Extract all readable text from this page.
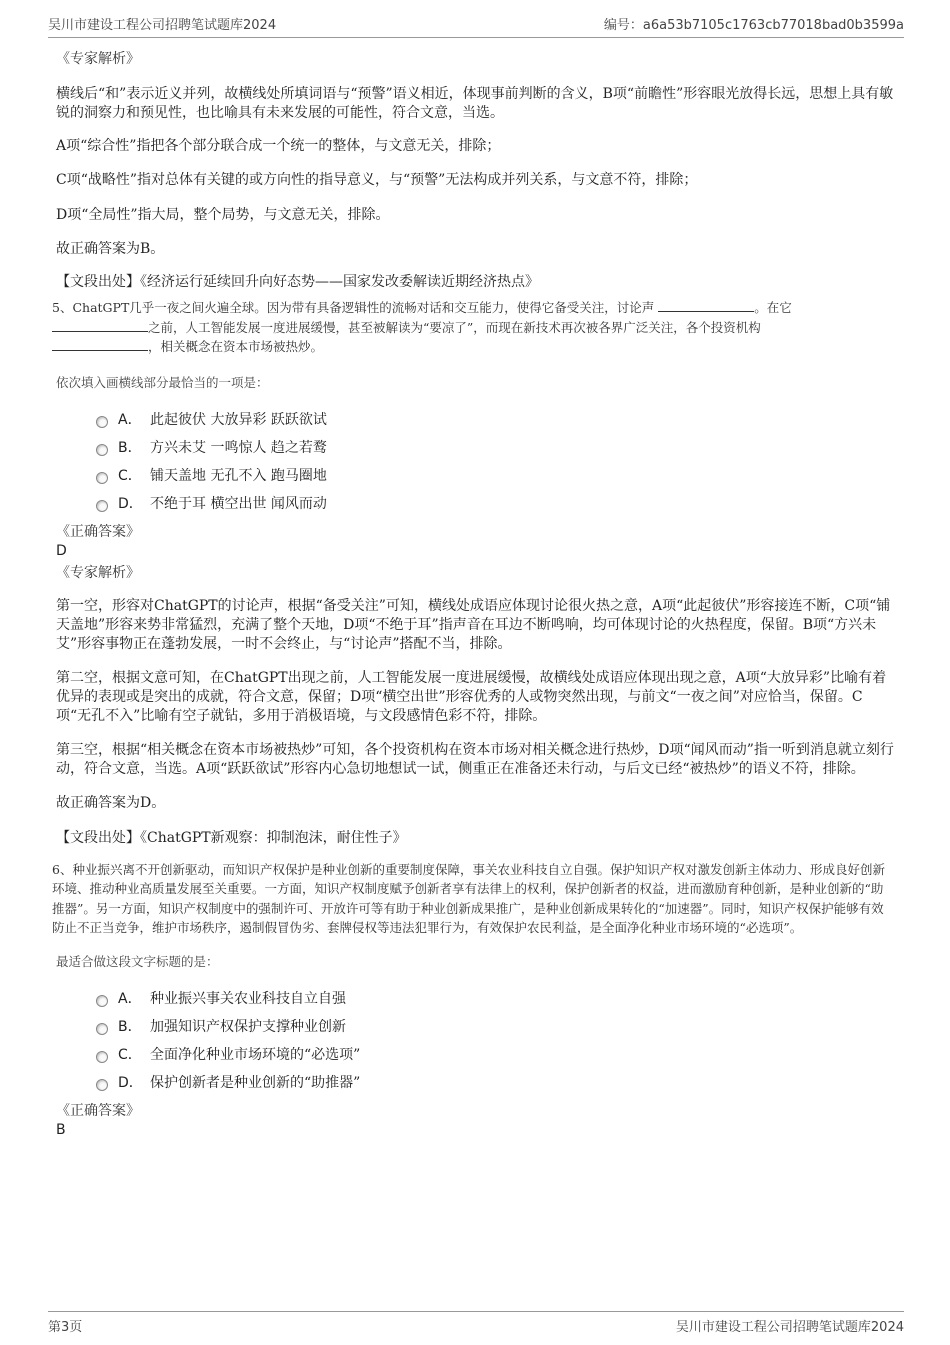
吴川市建设工程公司招聘笔试题库2024	编号：a6a53b7105c1763cb77018bad0b3599a

《专家解析》

横线后“和”表示近义并列，故横线处所填词语与“预警”语义相近，体现事前判断的含义，B项“前瞻性”形容眼光放得长远，思想上具有敏锐的洞察力和预见性，也比喻具有未来发展的可能性，符合文意，当选。

A项“综合性”指把各个部分联合成一个统一的整体，与文意无关，排除；

C项“战略性”指对总体有关键的或方向性的指导意义，与“预警”无法构成并列关系，与文意不符，排除；

D项“全局性”指大局，整个局势，与文意无关，排除。

故正确答案为B。

【文段出处】《经济运行延续回升向好态势——国家发改委解读近期经济热点》

5、ChatGPT几乎一夜之间火遍全球。因为带有具备逻辑性的流畅对话和交互能力，使得它备受关注，讨论声	。在它
之前，人工智能发展一度进展缓慢，甚至被解读为“要凉了”，而现在新技术再次被各界广泛关注，各个投资机构
，相关概念在资本市场被热炒。

依次填入画横线部分最恰当的一项是：

A． 此起彼伏 大放异彩 跃跃欲试
B． 方兴未艾 一鸣惊人 趋之若鹜
C． 铺天盖地 无孔不入 跑马圈地
D． 不绝于耳 横空出世 闻风而动

《正确答案》

D

《专家解析》

第一空，形容对ChatGPT的讨论声，根据“备受关注”可知，横线处成语应体现讨论很火热之意，A项“此起彼伏”形容接连不断，C项“铺天盖地”形容来势非常猛烈，充满了整个天地，D项“不绝于耳”指声音在耳边不断鸣响，均可体现讨论的火热程度，保留。B项“方兴未艾”形容事物正在蓬勃发展，一时不会终止，与“讨论声”搭配不当，排除。

第二空，根据文意可知，在ChatGPT出现之前，人工智能发展一度进展缓慢，故横线处成语应体现出现之意，A项“大放异彩”比喻有着优异的表现或是突出的成就，符合文意，保留；D项“横空出世”形容优秀的人或物突然出现，与前文“一夜之间”对应恰当，保留。C项“无孔不入”比喻有空子就钻，多用于消极语境，与文段感情色彩不符，排除。

第三空，根据“相关概念在资本市场被热炒”可知，各个投资机构在资本市场对相关概念进行热炒，D项“闻风而动”指一听到消息就立刻行动，符合文意，当选。A项“跃跃欲试”形容内心急切地想试一试，侧重正在准备还未行动，与后文已经“被热炒”的语义不符，排除。

故正确答案为D。

【文段出处】《ChatGPT新观察：抑制泡沫，耐住性子》

6、种业振兴离不开创新驱动，而知识产权保护是种业创新的重要制度保障，事关农业科技自立自强。保护知识产权对激发创新主体动力、形成良好创新环境、推动种业高质量发展至关重要。一方面，知识产权制度赋予创新者享有法律上的权利，保护创新者的权益，进而激励育种创新，是种业创新的“助推器”。另一方面，知识产权制度中的强制许可、开放许可等有助于种业创新成果推广，是种业创新成果转化的“加速器”。同时，知识产权保护能够有效防止不正当竞争，维护市场秩序，遏制假冒伪劣、套牌侵权等违法犯罪行为，有效保护农民利益，是全面净化种业市场环境的“必选项”。

最适合做这段文字标题的是：

A． 种业振兴事关农业科技自立自强
B． 加强知识产权保护支撑种业创新
C． 全面净化种业市场环境的“必选项”
D． 保护创新者是种业创新的“助推器”

《正确答案》

B

第3页	吴川市建设工程公司招聘笔试题库2024
